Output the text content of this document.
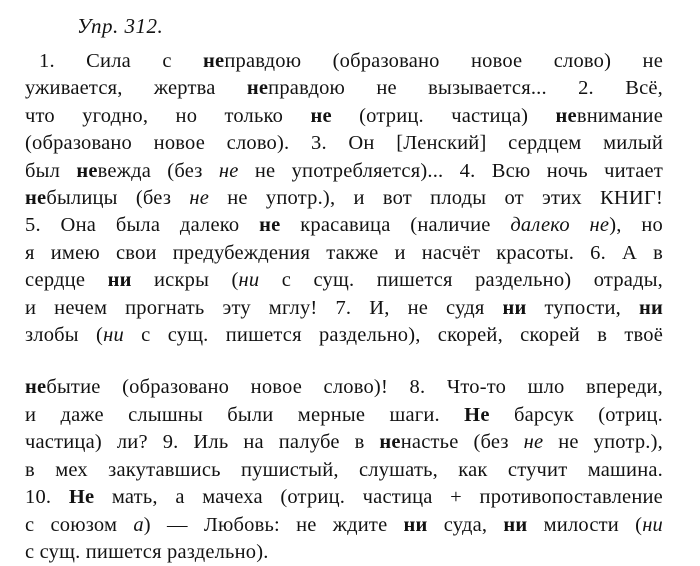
Упр. 312.
1. Сила с неправдою (образовано новое слово) не
уживается, жертва неправдою не вызывается... 2. Всё,
что угодно, но только не (отриц. частица) невнимание
(образовано новое слово). 3. Он [Ленский] сердцем милый
был невежда (без не не употребляется)... 4. Всю ночь читает
небылицы (без не не употр.), и вот плоды от этих КНИГ!
5. Она была далеко не красавица (наличие далеко не), но
я имею свои предубеждения также и насчёт красоты. 6. А в
сердце ни искры (ни с сущ. пишется раздельно) отрады,
и нечем прогнать эту мглу! 7. И, не судя ни тупости, ни
злобы (ни с сущ. пишется раздельно), скорей, скорей в твоё
небытие (образовано новое слово)! 8. Что-то шло впереди,
и даже слышны были мерные шаги. Не барсук (отриц.
частица) ли? 9. Иль на палубе в ненастье (без не не употр.),
в мех закутавшись пушистый, слушать, как стучит машина.
10. Не мать, а мачеха (отриц. частица + противопоставление
с союзом а) — Любовь: не ждите ни суда, ни милости (ни
с сущ. пишется раздельно).
